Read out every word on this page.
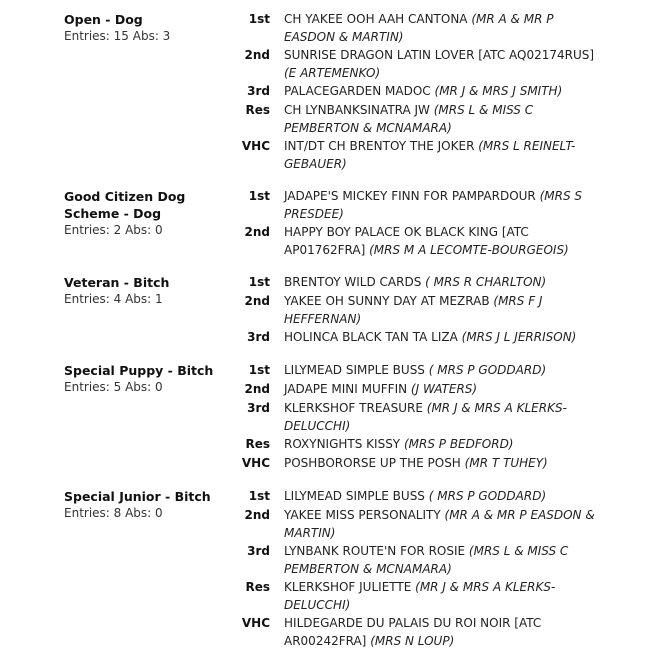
Open - Dog
Entries: 15 Abs: 3
1st CH YAKEE OOH AAH CANTONA (MR A & MR P EASDON & MARTIN)
2nd SUNRISE DRAGON LATIN LOVER [ATC AQ02174RUS] (E ARTEMENKO)
3rd PALACEGARDEN MADOC (MR J & MRS J SMITH)
Res CH LYNBANKSINATRA JW (MRS L & MISS C PEMBERTON & MCNAMARA)
VHC INT/DT CH BRENTOY THE JOKER (MRS L REINELT-GEBAUER)
Good Citizen Dog Scheme - Dog
Entries: 2 Abs: 0
1st JADAPE'S MICKEY FINN FOR PAMPARDOUR (MRS S PRESDEE)
2nd HAPPY BOY PALACE OK BLACK KING [ATC AP01762FRA] (MRS M A LECOMTE-BOURGEOIS)
Veteran - Bitch
Entries: 4 Abs: 1
1st BRENTOY WILD CARDS ( MRS R CHARLTON)
2nd YAKEE OH SUNNY DAY AT MEZRAB (MRS F J HEFFERNAN)
3rd HOLINCA BLACK TAN TA LIZA (MRS J L JERRISON)
Special Puppy - Bitch
Entries: 5 Abs: 0
1st LILYMEAD SIMPLE BUSS ( MRS P GODDARD)
2nd JADAPE MINI MUFFIN (J WATERS)
3rd KLERKSHOF TREASURE (MR J & MRS A KLERKS-DELUCCHI)
Res ROXYNIGHTS KISSY (MRS P BEDFORD)
VHC POSHBORORSE UP THE POSH (MR T TUHEY)
Special Junior - Bitch
Entries: 8 Abs: 0
1st LILYMEAD SIMPLE BUSS ( MRS P GODDARD)
2nd YAKEE MISS PERSONALITY (MR A & MR P EASDON & MARTIN)
3rd LYNBANK ROUTE'N FOR ROSIE (MRS L & MISS C PEMBERTON & MCNAMARA)
Res KLERKSHOF JULIETTE (MR J & MRS A KLERKS-DELUCCHI)
VHC HILDEGARDE DU PALAIS DU ROI NOIR [ATC AR00242FRA] (MRS N LOUP)
